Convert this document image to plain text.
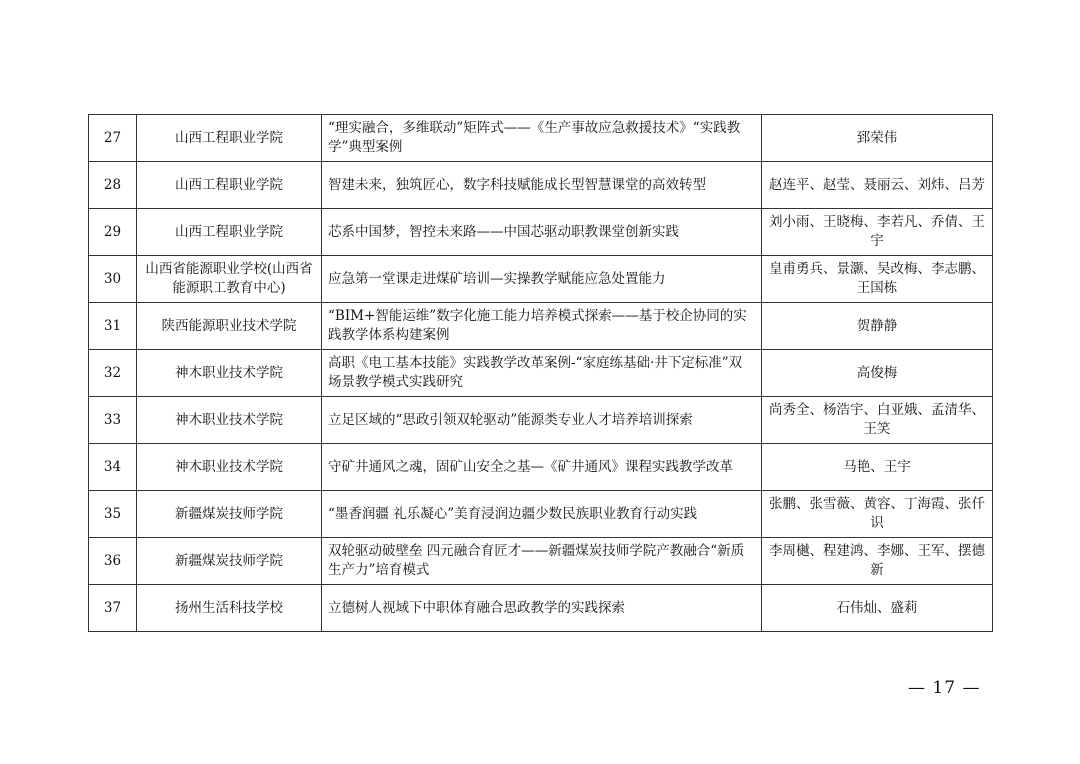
27	山西工程职业学院	“理实融合，多维联动”矩阵式——《生产事故应急救援技术》“实践教学”典型案例	郅荣伟
28	山西工程职业学院	智建未来，独筑匠心，数字科技赋能成长型智慧课堂的高效转型	赵连平、赵莹、聂丽云、刘炜、吕芳
29	山西工程职业学院	芯系中国梦，智控未来路——中国芯驱动职教课堂创新实践	刘小雨、王晓梅、李若凡、乔倩、王宇
30	山西省能源职业学校(山西省能源职工教育中心)	应急第一堂课走进煤矿培训—实操教学赋能应急处置能力	皇甫勇兵、景灏、吴改梅、李志鹏、王国栋
31	陕西能源职业技术学院	“BIM+智能运维”数字化施工能力培养模式探索——基于校企协同的实践教学体系构建案例	贺静静
32	神木职业技术学院	高职《电工基本技能》实践教学改革案例-“家庭练基础·井下定标准”双场景教学模式实践研究	高俊梅
33	神木职业技术学院	立足区域的“思政引领双轮驱动”能源类专业人才培养培训探索	尚秀全、杨浩宇、白亚娥、孟清华、王笑
34	神木职业技术学院	守矿井通风之魂，固矿山安全之基—《矿井通风》课程实践教学改革	马艳、王宇
35	新疆煤炭技师学院	“墨香润疆 礼乐凝心”美育浸润边疆少数民族职业教育行动实践	张鹏、张雪薇、黄容、丁海霞、张仟识
36	新疆煤炭技师学院	双轮驱动破壁垒 四元融合育匠才——新疆煤炭技师学院产教融合“新质生产力”培育模式	李周樾、程建鸿、李娜、王军、摆德新
37	扬州生活科技学校	立德树人视域下中职体育融合思政教学的实践探索	石伟灿、盛莉
— 17 —
